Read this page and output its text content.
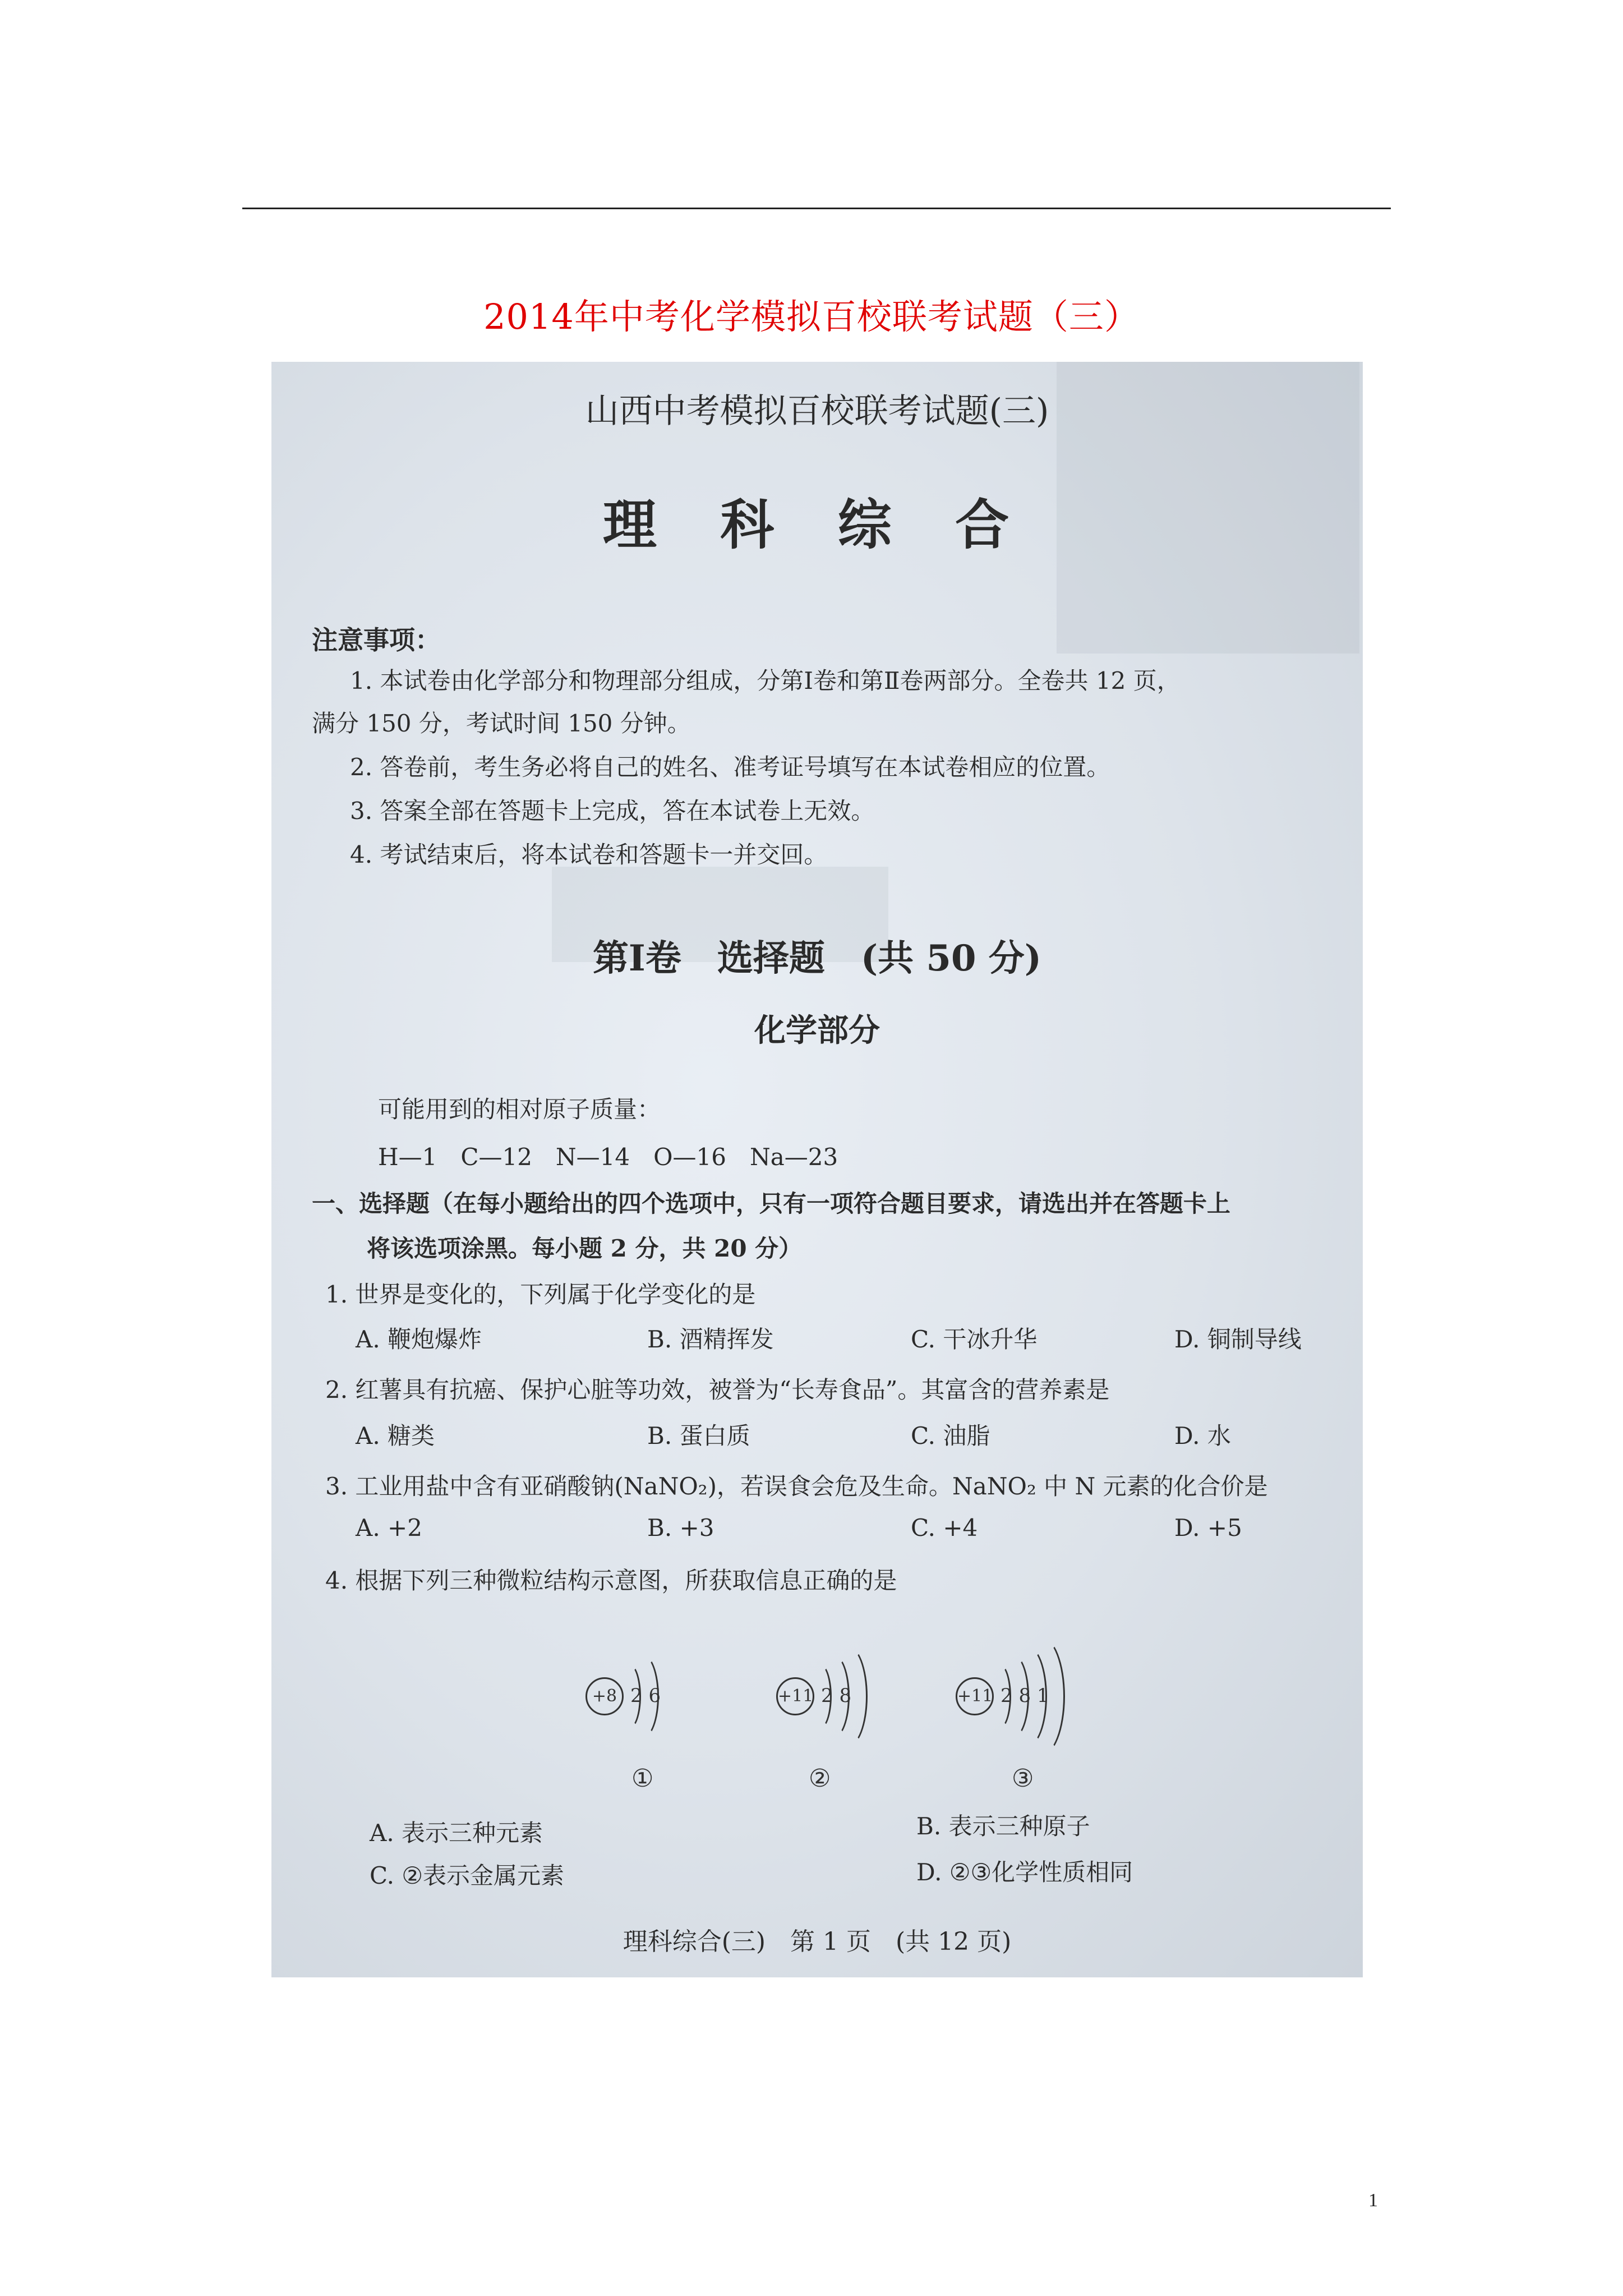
2014年中考化学模拟百校联考试题（三）
山西中考模拟百校联考试题(三)
理 科 综 合
注意事项：
1. 本试卷由化学部分和物理部分组成，分第Ⅰ卷和第Ⅱ卷两部分。全卷共 12 页，
满分 150 分，考试时间 150 分钟。
2. 答卷前，考生务必将自己的姓名、准考证号填写在本试卷相应的位置。
3. 答案全部在答题卡上完成，答在本试卷上无效。
4. 考试结束后，将本试卷和答题卡一并交回。
第Ⅰ卷　选择题　(共 50 分)
化学部分
可能用到的相对原子质量：
H—1　C—12　N—14　O—16　Na—23
一、选择题（在每小题给出的四个选项中，只有一项符合题目要求，请选出并在答题卡上
将该选项涂黑。每小题 2 分，共 20 分）
1. 世界是变化的，下列属于化学变化的是
A. 鞭炮爆炸	B. 酒精挥发	C. 干冰升华	D. 铜制导线
2. 红薯具有抗癌、保护心脏等功效，被誉为“长寿食品”。其富含的营养素是
A. 糖类	B. 蛋白质	C. 油脂	D. 水
3. 工业用盐中含有亚硝酸钠(NaNO₂)，若误食会危及生命。NaNO₂ 中 N 元素的化合价是
A. +2	B. +3	C. +4	D. +5
4. 根据下列三种微粒结构示意图，所获取信息正确的是
+8 2 6
①
+11 2 8
②
+11 2 8 1
③
A. 表示三种元素	B. 表示三种原子
C. ②表示金属元素	D. ②③化学性质相同
理科综合(三)　第 1 页　(共 12 页)
1
